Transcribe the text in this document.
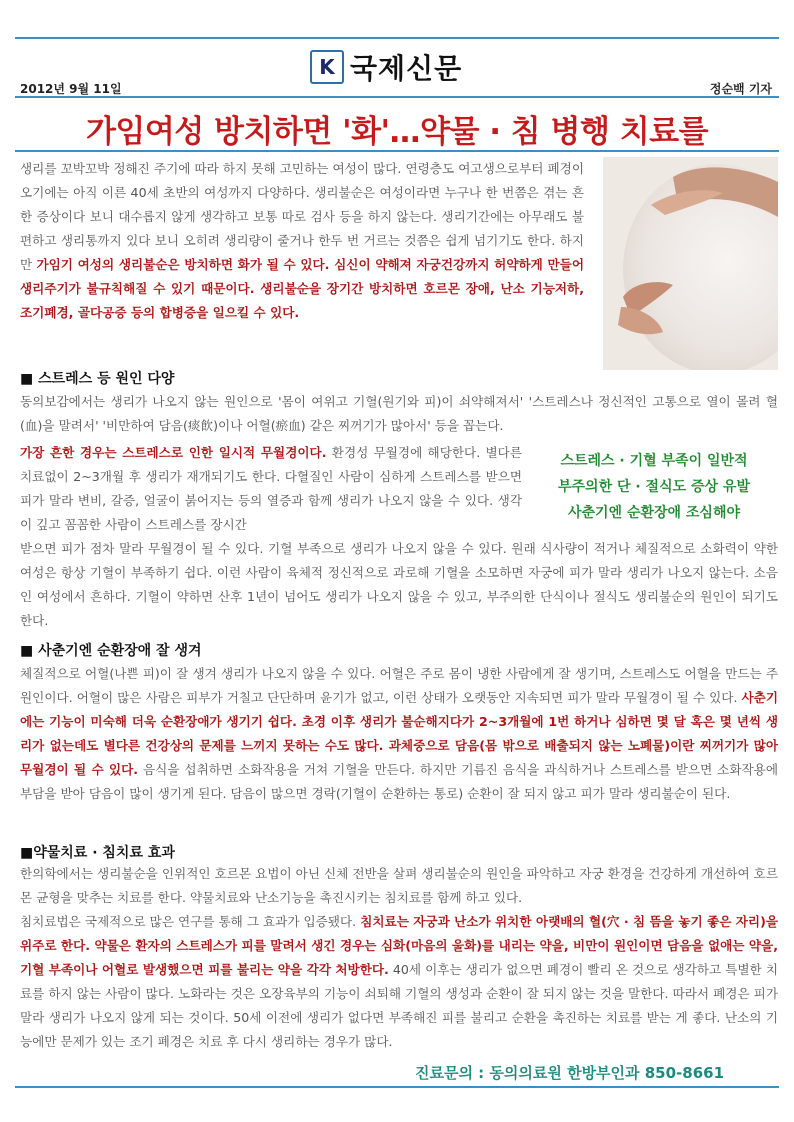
K 국제신문
2012년 9월 11일	정순백 기자
가임여성 방치하면 '화'…약물 · 침 병행 치료를

생리를 꼬박꼬박 정해진 주기에 따라 하지 못해 고민하는 여성이 많다. 연령층도 여고생으로부터 폐경이 오기에는 아직 이른 40세 초반의 여성까지 다양하다. 생리불순은 여성이라면 누구나 한 번쯤은 겪는 흔한 증상이다 보니 대수롭지 않게 생각하고 보통 따로 검사 등을 하지 않는다. 생리기간에는 아무래도 불편하고 생리통까지 있다 보니 오히려 생리량이 줄거나 한두 번 거르는 것쯤은 쉽게 넘기기도 한다. 하지만 가임기 여성의 생리불순은 방치하면 화가 될 수 있다. 심신이 약해져 자궁건강까지 허약하게 만들어 생리주기가 불규칙해질 수 있기 때문이다. 생리불순을 장기간 방치하면 호르몬 장애, 난소 기능저하, 조기폐경, 골다공증 등의 합병증을 일으킬 수 있다.

■ 스트레스 등 원인 다양

동의보감에서는 생리가 나오지 않는 원인으로 '몸이 여위고 기혈(원기와 피)이 쇠약해져서' '스트레스나 정신적인 고통으로 열이 몰려 혈(血)을 말려서' '비만하여 담음(痰飮)이나 어혈(瘀血) 같은 찌꺼기가 많아서' 등을 꼽는다.

가장 흔한 경우는 스트레스로 인한 일시적 무월경이다. 환경성 무월경에 해당한다. 별다른 치료없이 2~3개월 후 생리가 재개되기도 한다. 다혈질인 사람이 심하게 스트레스를 받으면 피가 말라 변비, 갈증, 얼굴이 붉어지는 등의 열증과 함께 생리가 나오지 않을 수 있다. 생각이 깊고 꼼꼼한 사람이 스트레스를 장시간

스트레스 · 기혈 부족이 일반적
부주의한 단 · 절식도 증상 유발
사춘기엔 순환장애 조심해야

받으면 피가 점차 말라 무월경이 될 수 있다. 기혈 부족으로 생리가 나오지 않을 수 있다. 원래 식사량이 적거나 체질적으로 소화력이 약한 여성은 항상 기혈이 부족하기 쉽다. 이런 사람이 육체적 정신적으로 과로해 기혈을 소모하면 자궁에 피가 말라 생리가 나오지 않는다. 소음인 여성에서 흔하다. 기혈이 약하면 산후 1년이 넘어도 생리가 나오지 않을 수 있고, 부주의한 단식이나 절식도 생리불순의 원인이 되기도 한다.

■ 사춘기엔 순환장애 잘 생겨

체질적으로 어혈(나쁜 피)이 잘 생겨 생리가 나오지 않을 수 있다. 어혈은 주로 몸이 냉한 사람에게 잘 생기며, 스트레스도 어혈을 만드는 주원인이다. 어혈이 많은 사람은 피부가 거칠고 단단하며 윤기가 없고, 이런 상태가 오랫동안 지속되면 피가 말라 무월경이 될 수 있다. 사춘기에는 기능이 미숙해 더욱 순환장애가 생기기 쉽다. 초경 이후 생리가 불순해지다가 2~3개월에 1번 하거나 심하면 몇 달 혹은 몇 년씩 생리가 없는데도 별다른 건강상의 문제를 느끼지 못하는 수도 많다. 과체중으로 담음(몸 밖으로 배출되지 않는 노폐물)이란 찌꺼기가 많아 무월경이 될 수 있다. 음식을 섭취하면 소화작용을 거쳐 기혈을 만든다. 하지만 기름진 음식을 과식하거나 스트레스를 받으면 소화작용에 부담을 받아 담음이 많이 생기게 된다. 담음이 많으면 경락(기혈이 순환하는 통로) 순환이 잘 되지 않고 피가 말라 생리불순이 된다.

■약물치료 · 침치료 효과

한의학에서는 생리불순을 인위적인 호르몬 요법이 아닌 신체 전반을 살펴 생리불순의 원인을 파악하고 자궁 환경을 건강하게 개선하여 호르몬 균형을 맞추는 치료를 한다. 약물치료와 난소기능을 촉진시키는 침치료를 함께 하고 있다.

침치료법은 국제적으로 많은 연구를 통해 그 효과가 입증됐다. 침치료는 자궁과 난소가 위치한 아랫배의 혈(穴 · 침 뜸을 놓기 좋은 자리)을 위주로 한다. 약물은 환자의 스트레스가 피를 말려서 생긴 경우는 심화(마음의 울화)를 내리는 약을, 비만이 원인이면 담음을 없애는 약을, 기혈 부족이나 어혈로 발생했으면 피를 불리는 약을 각각 처방한다. 40세 이후는 생리가 없으면 폐경이 빨리 온 것으로 생각하고 특별한 치료를 하지 않는 사람이 많다. 노화라는 것은 오장육부의 기능이 쇠퇴해 기혈의 생성과 순환이 잘 되지 않는 것을 말한다. 따라서 폐경은 피가 말라 생리가 나오지 않게 되는 것이다. 50세 이전에 생리가 없다면 부족해진 피를 불리고 순환을 촉진하는 치료를 받는 게 좋다. 난소의 기능에만 문제가 있는 조기 폐경은 치료 후 다시 생리하는 경우가 많다.

진료문의 : 동의의료원 한방부인과 850-8661
